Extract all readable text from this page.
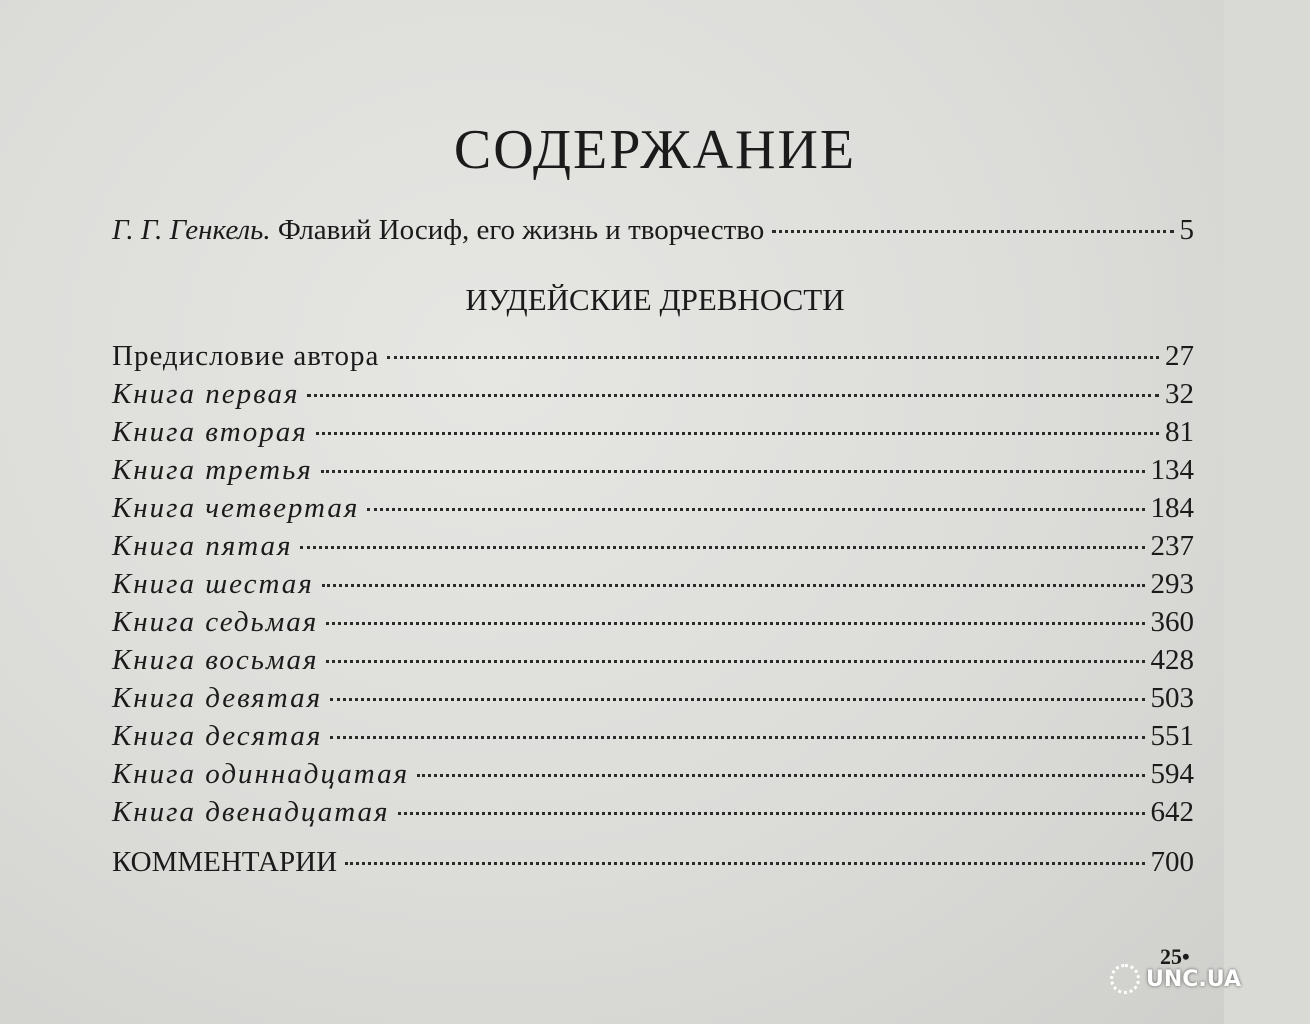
СОДЕРЖАНИЕ
Г. Г. Генкель. Флавий Иосиф, его жизнь и творчество	5
ИУДЕЙСКИЕ ДРЕВНОСТИ
Предисловие автора	27
Книга первая	32
Книга вторая	81
Книга третья	134
Книга четвертая	184
Книга пятая	237
Книга шестая	293
Книга седьмая	360
Книга восьмая	428
Книга девятая	503
Книга десятая	551
Книга одиннадцатая	594
Книга двенадцатая	642
КОММЕНТАРИИ	700
25•
UNC.UA
